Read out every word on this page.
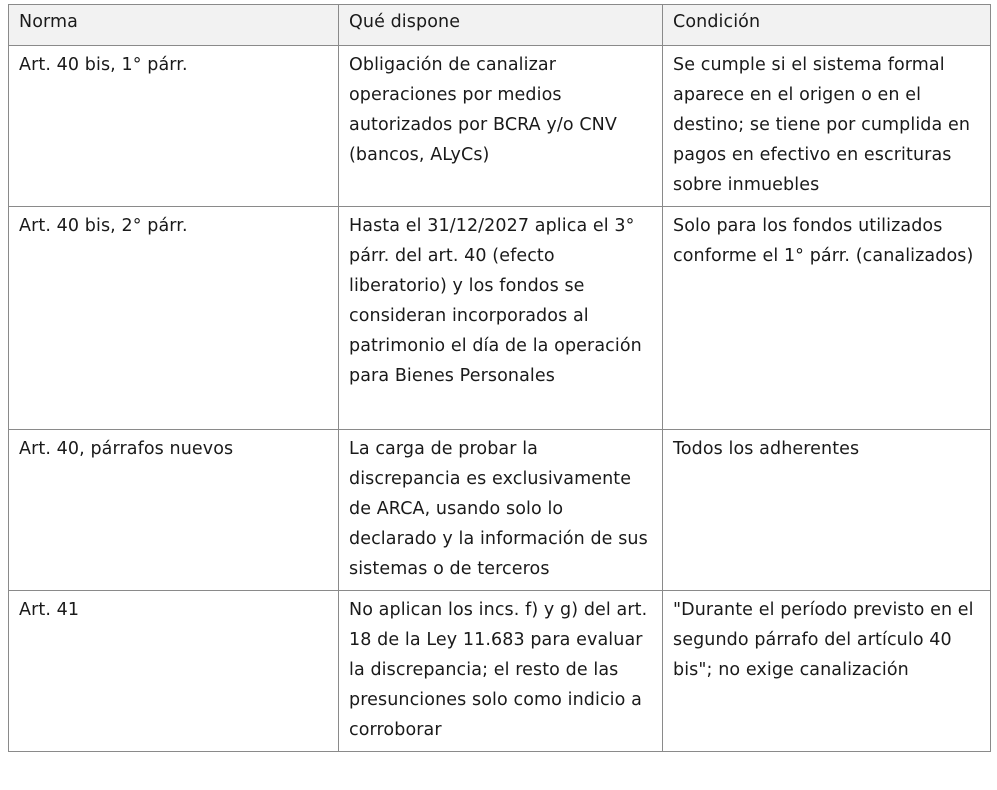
Norma	Qué dispone	Condición
Art. 40 bis, 1° párr.	Obligación de canalizar operaciones por medios autorizados por BCRA y/o CNV (bancos, ALyCs)	Se cumple si el sistema formal aparece en el origen o en el destino; se tiene por cumplida en pagos en efectivo en escrituras sobre inmuebles
Art. 40 bis, 2° párr.	Hasta el 31/12/2027 aplica el 3° párr. del art. 40 (efecto liberatorio) y los fondos se consideran incorporados al patrimonio el día de la operación para Bienes Personales	Solo para los fondos utilizados conforme el 1° párr. (canalizados)
Art. 40, párrafos nuevos	La carga de probar la discrepancia es exclusivamente de ARCA, usando solo lo declarado y la información de sus sistemas o de terceros	Todos los adherentes
Art. 41	No aplican los incs. f) y g) del art. 18 de la Ley 11.683 para evaluar la discrepancia; el resto de las presunciones solo como indicio a corroborar	"Durante el período previsto en el segundo párrafo del artículo 40 bis"; no exige canalización
